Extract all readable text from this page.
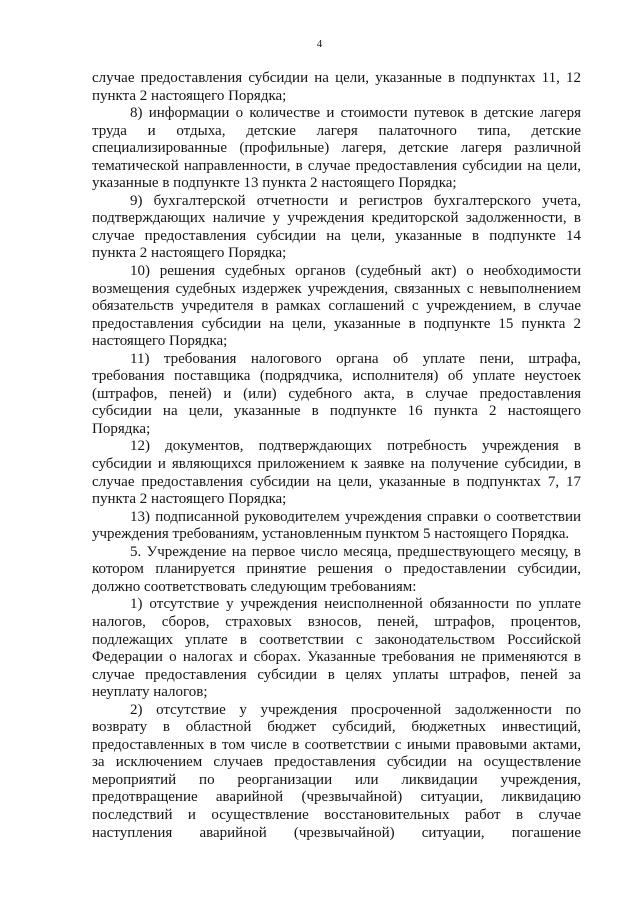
4
случае предоставления субсидии на цели, указанные в подпунктах 11, 12
пункта 2 настоящего Порядка;
8) информации о количестве и стоимости путевок в детские лагеря
труда и отдыха, детские лагеря палаточного типа, детские
специализированные (профильные) лагеря, детские лагеря различной
тематической направленности, в случае предоставления субсидии на цели,
указанные в подпункте 13 пункта 2 настоящего Порядка;
9) бухгалтерской отчетности и регистров бухгалтерского учета,
подтверждающих наличие у учреждения кредиторской задолженности, в
случае предоставления субсидии на цели, указанные в подпункте 14
пункта 2 настоящего Порядка;
10) решения судебных органов (судебный акт) о необходимости
возмещения судебных издержек учреждения, связанных с невыполнением
обязательств учредителя в рамках соглашений с учреждением, в случае
предоставления субсидии на цели, указанные в подпункте 15 пункта 2
настоящего Порядка;
11) требования налогового органа об уплате пени, штрафа,
требования поставщика (подрядчика, исполнителя) об уплате неустоек
(штрафов, пеней) и (или) судебного акта, в случае предоставления
субсидии на цели, указанные в подпункте 16 пункта 2 настоящего
Порядка;
12) документов, подтверждающих потребность учреждения в
субсидии и являющихся приложением к заявке на получение субсидии, в
случае предоставления субсидии на цели, указанные в подпунктах 7, 17
пункта 2 настоящего Порядка;
13) подписанной руководителем учреждения справки о соответствии
учреждения требованиям, установленным пунктом 5 настоящего Порядка.
5. Учреждение на первое число месяца, предшествующего месяцу, в
котором планируется принятие решения о предоставлении субсидии,
должно соответствовать следующим требованиям:
1) отсутствие у учреждения неисполненной обязанности по уплате
налогов, сборов, страховых взносов, пеней, штрафов, процентов,
подлежащих уплате в соответствии с законодательством Российской
Федерации о налогах и сборах. Указанные требования не применяются в
случае предоставления субсидии в целях уплаты штрафов, пеней за
неуплату налогов;
2) отсутствие у учреждения просроченной задолженности по
возврату в областной бюджет субсидий, бюджетных инвестиций,
предоставленных в том числе в соответствии с иными правовыми актами,
за исключением случаев предоставления субсидии на осуществление
мероприятий по реорганизации или ликвидации учреждения,
предотвращение аварийной (чрезвычайной) ситуации, ликвидацию
последствий и осуществление восстановительных работ в случае
наступления аварийной (чрезвычайной) ситуации, погашение
